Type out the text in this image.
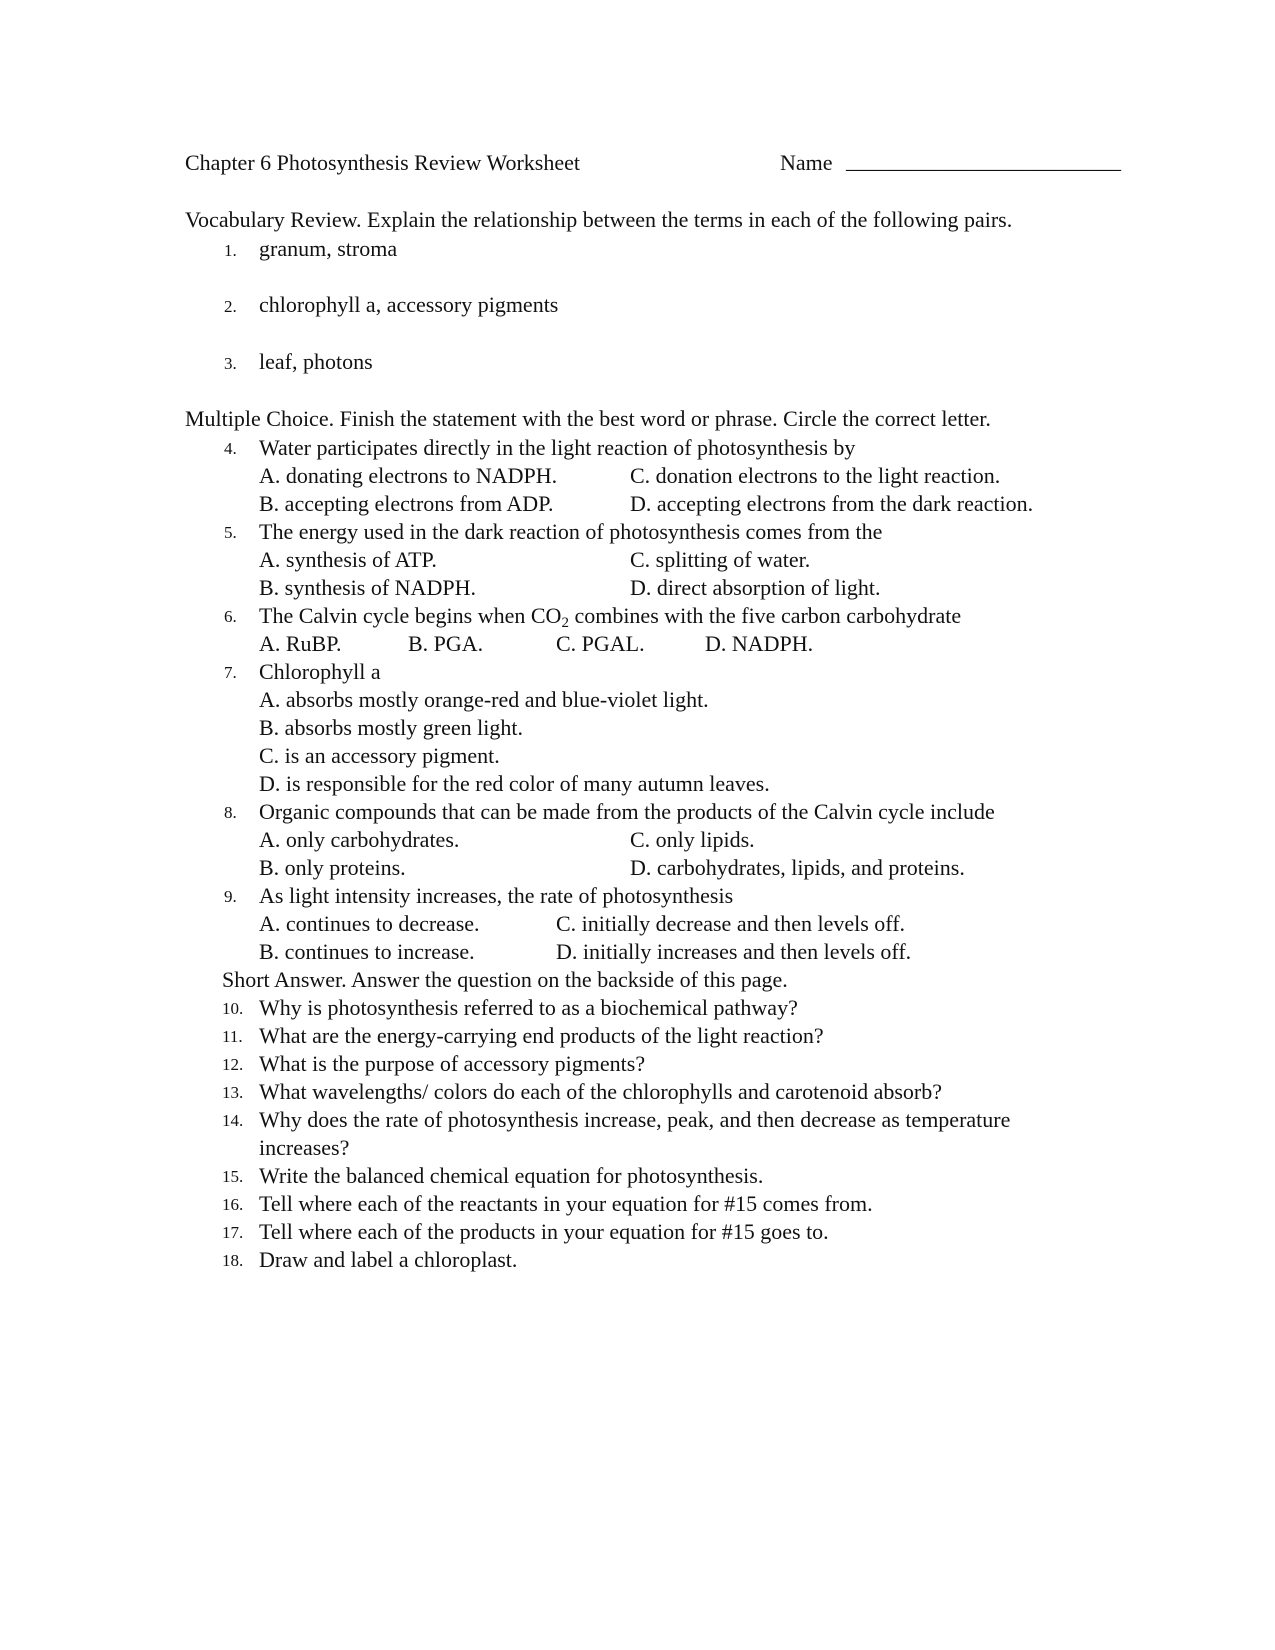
Chapter 6 Photosynthesis Review Worksheet	Name _________________________
Vocabulary Review. Explain the relationship between the terms in each of the following pairs.
1. granum, stroma
2. chlorophyll a, accessory pigments
3. leaf, photons
Multiple Choice. Finish the statement with the best word or phrase. Circle the correct letter.
4. Water participates directly in the light reaction of photosynthesis by
A. donating electrons to NADPH.	C. donation electrons to the light reaction.
B. accepting electrons from ADP.	D. accepting electrons from the dark reaction.
5. The energy used in the dark reaction of photosynthesis comes from the
A. synthesis of ATP.	C. splitting of water.
B. synthesis of NADPH.	D. direct absorption of light.
6. The Calvin cycle begins when CO2 combines with the five carbon carbohydrate
A. RuBP.	B. PGA.	C. PGAL.	D. NADPH.
7. Chlorophyll a
A. absorbs mostly orange-red and blue-violet light.
B. absorbs mostly green light.
C. is an accessory pigment.
D. is responsible for the red color of many autumn leaves.
8. Organic compounds that can be made from the products of the Calvin cycle include
A. only carbohydrates.	C. only lipids.
B. only proteins.	D. carbohydrates, lipids, and proteins.
9. As light intensity increases, the rate of photosynthesis
A. continues to decrease.	C. initially decrease and then levels off.
B. continues to increase.	D. initially increases and then levels off.
Short Answer. Answer the question on the backside of this page.
10. Why is photosynthesis referred to as a biochemical pathway?
11. What are the energy-carrying end products of the light reaction?
12. What is the purpose of accessory pigments?
13. What wavelengths/ colors do each of the chlorophylls and carotenoid absorb?
14. Why does the rate of photosynthesis increase, peak, and then decrease as temperature
increases?
15. Write the balanced chemical equation for photosynthesis.
16. Tell where each of the reactants in your equation for #15 comes from.
17. Tell where each of the products in your equation for #15 goes to.
18. Draw and label a chloroplast.
